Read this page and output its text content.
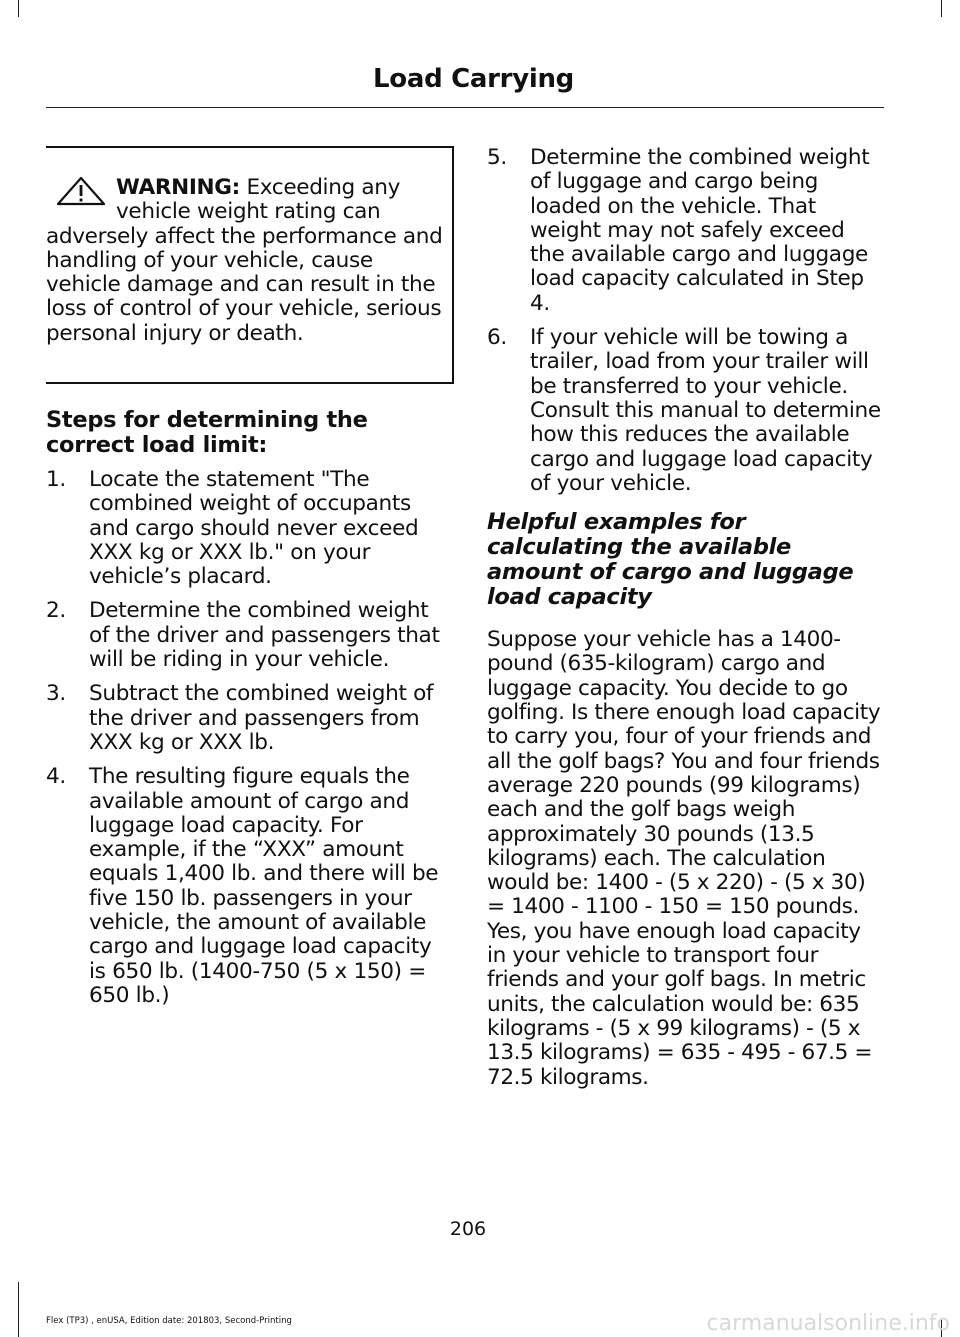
Load Carrying
WARNING: Exceeding any vehicle weight rating can adversely affect the performance and handling of your vehicle, cause vehicle damage and can result in the loss of control of your vehicle, serious personal injury or death.
Steps for determining the correct load limit:
1. Locate the statement "The combined weight of occupants and cargo should never exceed XXX kg or XXX lb." on your vehicle’s placard.
2. Determine the combined weight of the driver and passengers that will be riding in your vehicle.
3. Subtract the combined weight of the driver and passengers from XXX kg or XXX lb.
4. The resulting figure equals the available amount of cargo and luggage load capacity. For example, if the “XXX” amount equals 1,400 lb. and there will be five 150 lb. passengers in your vehicle, the amount of available cargo and luggage load capacity is 650 lb. (1400-750 (5 x 150) = 650 lb.)
5. Determine the combined weight of luggage and cargo being loaded on the vehicle. That weight may not safely exceed the available cargo and luggage load capacity calculated in Step 4.
6. If your vehicle will be towing a trailer, load from your trailer will be transferred to your vehicle. Consult this manual to determine how this reduces the available cargo and luggage load capacity of your vehicle.
Helpful examples for calculating the available amount of cargo and luggage load capacity

Suppose your vehicle has a 1400-pound (635-kilogram) cargo and luggage capacity. You decide to go golfing. Is there enough load capacity to carry you, four of your friends and all the golf bags? You and four friends average 220 pounds (99 kilograms) each and the golf bags weigh approximately 30 pounds (13.5 kilograms) each. The calculation would be: 1400 - (5 x 220) - (5 x 30) = 1400 - 1100 - 150 = 150 pounds. Yes, you have enough load capacity in your vehicle to transport four friends and your golf bags. In metric units, the calculation would be: 635 kilograms - (5 x 99 kilograms) - (5 x 13.5 kilograms) = 635 - 495 - 67.5 = 72.5 kilograms.

206
Flex (TP3) , enUSA, Edition date: 201803, Second-Printing	carmanualsonline.info
